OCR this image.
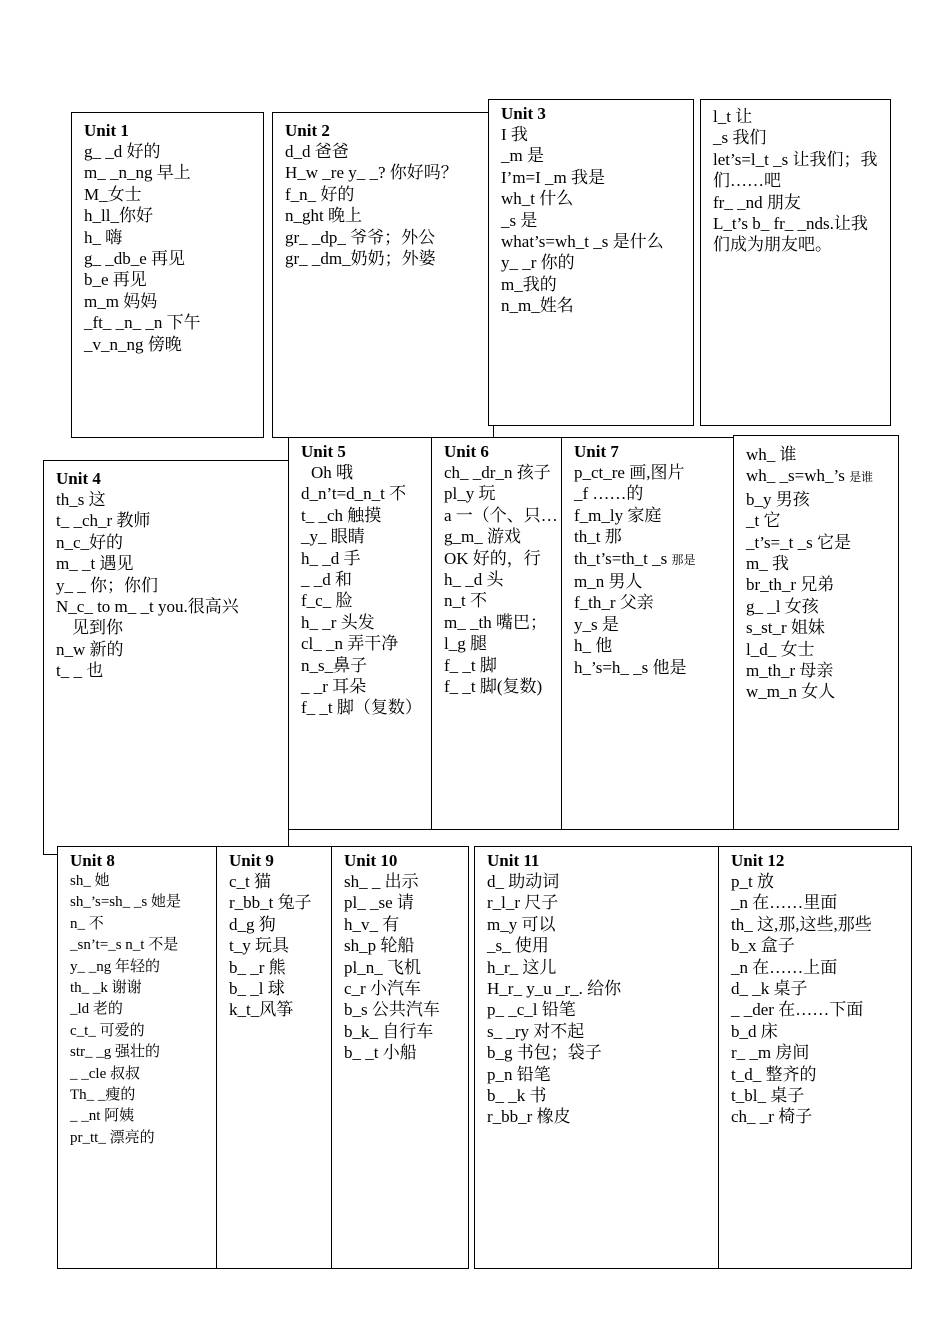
Unit 1
g_ _d 好的
m_ _n_ng 早上
M_女士
h_ll_你好
h_ 嗨
g_ _db_e 再见
b_e 再见
m_m 妈妈
_ft_ _n_ _n 下午
_v_n_ng 傍晚
Unit 2
d_d 爸爸
H_w _re y_ _? 你好吗？
f_n_ 好的
n_ght 晚上
gr_ _dp_ 爷爷；外公
gr_ _dm_奶奶；外婆
Unit 3
I 我
_m 是
I’m=I _m 我是
wh_t 什么
_s 是
what’s=wh_t _s 是什么
y_ _r 你的
m_我的
n_m_姓名
l_t 让
_s 我们
let’s=l_t _s 让我们；我们……吧
fr_ _nd 朋友
L_t’s b_ fr_ _nds.让我们成为朋友吧。
Unit 4
th_s 这
t_ _ch_r 教师
n_c_好的
m_ _t 遇见
y_ _ 你；你们
N_c_ to m_ _t you.很高兴
见到你
n_w 新的
t_ _ 也
Unit 5
Oh 哦
d_n’t=d_n_t 不
t_ _ch 触摸
_y_ 眼睛
h_ _d 手
_ _d 和
f_c_ 脸
h_ _r 头发
cl_ _n 弄干净
n_s_鼻子
_ _r 耳朵
f_ _t 脚（复数）
Unit 6
ch_ _dr_n 孩子
pl_y 玩
a 一（个、只…
g_m_ 游戏
OK 好的，行
h_ _d 头
n_t 不
m_ _th 嘴巴；
l_g 腿
f_ _t 脚
f_ _t 脚(复数)
Unit 7
p_ct_re 画,图片
_f ……的
f_m_ly 家庭
th_t 那
th_t’s=th_t _s 那是
m_n 男人
f_th_r 父亲
y_s 是
h_ 他
h_’s=h_ _s 他是
wh_ 谁
wh_ _s=wh_’s 是谁
b_y 男孩
_t 它
_t’s=_t _s 它是
m_ 我
br_th_r 兄弟
g_ _l 女孩
s_st_r 姐妹
l_d_ 女士
m_th_r 母亲
w_m_n 女人
Unit 8
sh_ 她
sh_’s=sh_ _s 她是
n_ 不
_sn’t=_s n_t 不是
y_ _ng 年轻的
th_ _k 谢谢
_ld 老的
c_t_ 可爱的
str_ _g 强壮的
_ _cle 叔叔
Th_ _瘦的
_ _nt 阿姨
pr_tt_ 漂亮的
Unit 9
c_t 猫
r_bb_t 兔子
d_g 狗
t_y 玩具
b_ _r 熊
b_ _l 球
k_t_风筝
Unit 10
sh_ _ 出示
pl_ _se 请
h_v_ 有
sh_p 轮船
pl_n_ 飞机
c_r 小汽车
b_s 公共汽车
b_k_ 自行车
b_ _t 小船
Unit 11
d_ 助动词
r_l_r 尺子
m_y 可以
_s_ 使用
h_r_ 这儿
H_r_ y_u _r_. 给你
p_ _c_l 铅笔
s_ _ry 对不起
b_g 书包；袋子
p_n 铅笔
b_ _k 书
r_bb_r 橡皮
Unit 12
p_t 放
_n 在……里面
th_ 这,那,这些,那些
b_x 盒子
_n 在……上面
d_ _k 桌子
_ _der 在……下面
b_d 床
r_ _m 房间
t_d_ 整齐的
t_bl_ 桌子
ch_ _r 椅子
